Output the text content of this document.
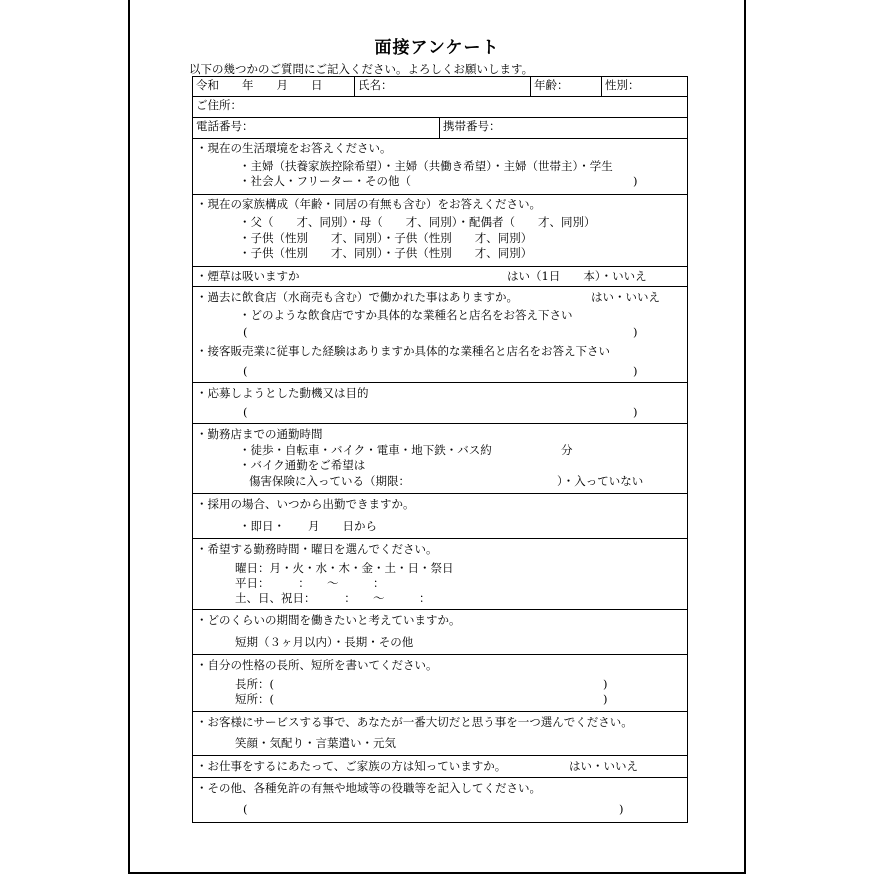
面接アンケート
以下の幾つかのご質問にご記入ください。よろしくお願いします。
令和　　年　　月　　日	氏名：	年齢：	性別：
ご住所：
電話番号：	携帯番号：
・現在の生活環境をお答えください。
・主婦（扶養家族控除希望）・主婦（共働き希望）・主婦（世帯主）・学生
・社会人・フリーター・その他（	)
・現在の家族構成（年齢・同居の有無も含む）をお答えください。
・父（　　才、同別）・母（　　才、同別）・配偶者（　　才、同別）
・子供（性別　　才、同別）・子供（性別　　才、同別）
・子供（性別　　才、同別）・子供（性別　　才、同別）
・煙草は吸いますか	はい（1日　　本）・いいえ
・過去に飲食店（水商売も含む）で働かれた事はありますか。	はい・いいえ
・どのような飲食店ですか具体的な業種名と店名をお答え下さい
(	)
・接客販売業に従事した経験はありますか具体的な業種名と店名をお答え下さい
(	)
・応募しようとした動機又は目的
(	)
・勤務店までの通勤時間
・徒歩・自転車・バイク・電車・地下鉄・バス約	分
・バイク通勤をご希望は
傷害保険に入っている（期限：	）・入っていない
・採用の場合、いつから出勤できますか。
・即日・　　月　　日から
・希望する勤務時間・曜日を選んでください。
曜日：月・火・水・木・金・土・日・祭日
平日：　　　：　　〜　　　：
土、日、祝日：　　　：　　〜　　　：
・どのくらいの期間を働きたいと考えていますか。
短期（３ヶ月以内）・長期・その他
・自分の性格の長所、短所を書いてください。
長所：(	)
短所：(	)
・お客様にサービスする事で、あなたが一番大切だと思う事を一つ選んでください。
笑顔・気配り・言葉遣い・元気
・お仕事をするにあたって、ご家族の方は知っていますか。	はい・いいえ
・その他、各種免許の有無や地域等の役職等を記入してください。
(	)
